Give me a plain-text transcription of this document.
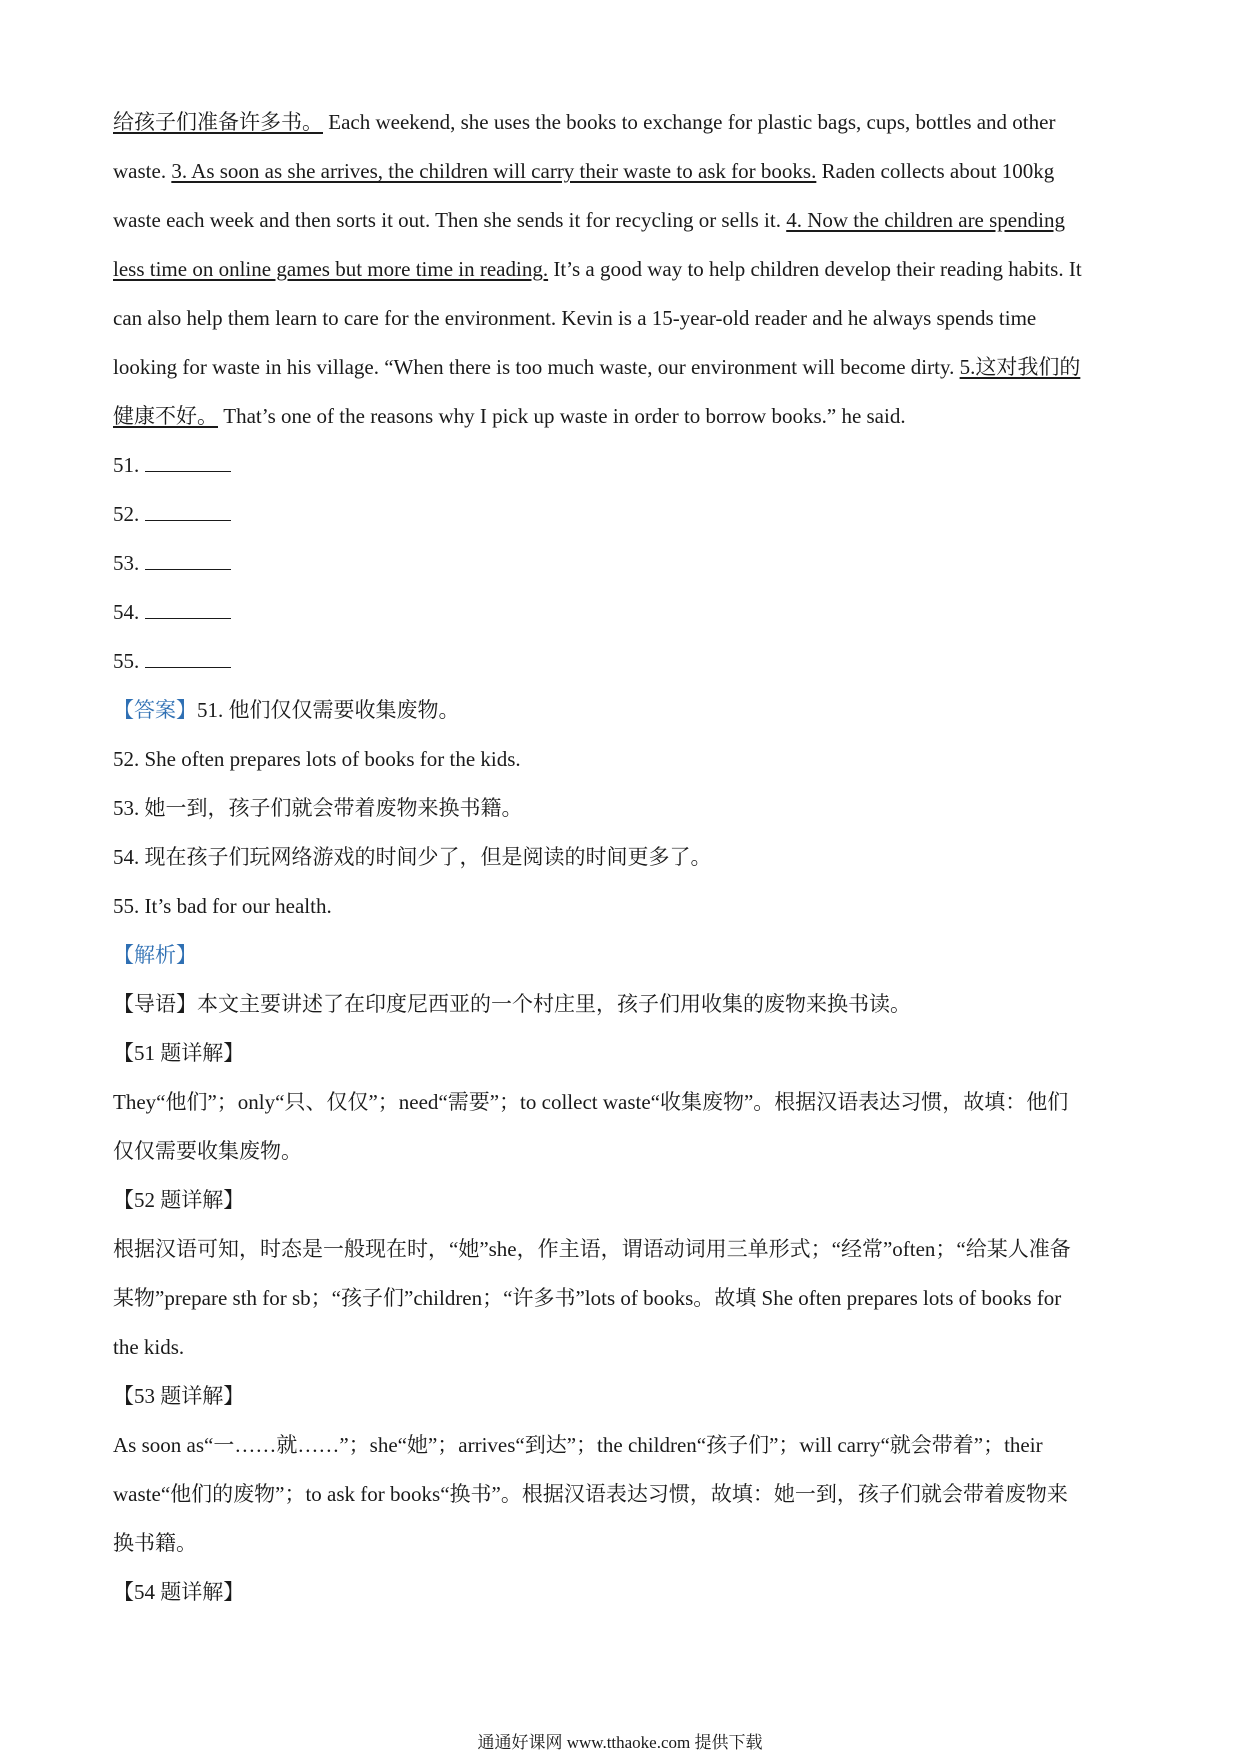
给孩子们准备许多书。 Each weekend, she uses the books to exchange for plastic bags, cups, bottles and other

waste. 3. As soon as she arrives, the children will carry their waste to ask for books. Raden collects about 100kg

waste each week and then sorts it out. Then she sends it for recycling or sells it. 4. Now the children are spending

less time on online games but more time in reading. It’s a good way to help children develop their reading habits. It

can also help them learn to care for the environment. Kevin is a 15-year-old reader and he always spends time

looking for waste in his village. “When there is too much waste, our environment will become dirty. 5.这对我们的

健康不好。 That’s one of the reasons why I pick up waste in order to borrow books.” he said.

51.

52.

53.

54.

55.

【答案】51. 他们仅仅需要收集废物。

52. She often prepares lots of books for the kids.

53. 她一到，孩子们就会带着废物来换书籍。

54. 现在孩子们玩网络游戏的时间少了，但是阅读的时间更多了。

55. It’s bad for our health.

【解析】

【导语】本文主要讲述了在印度尼西亚的一个村庄里，孩子们用收集的废物来换书读。

【51 题详解】

They“他们”；only“只、仅仅”；need“需要”；to collect waste“收集废物”。根据汉语表达习惯，故填：他们

仅仅需要收集废物。

【52 题详解】

根据汉语可知，时态是一般现在时，“她”she，作主语，谓语动词用三单形式；“经常”often；“给某人准备

某物”prepare sth for sb；“孩子们”children；“许多书”lots of books。故填 She often prepares lots of books for

the kids.

【53 题详解】

As soon as“一……就……”；she“她”；arrives“到达”；the children“孩子们”；will carry“就会带着”；their

waste“他们的废物”；to ask for books“换书”。根据汉语表达习惯，故填：她一到，孩子们就会带着废物来

换书籍。

【54 题详解】

通通好课网 www.tthaoke.com 提供下载
